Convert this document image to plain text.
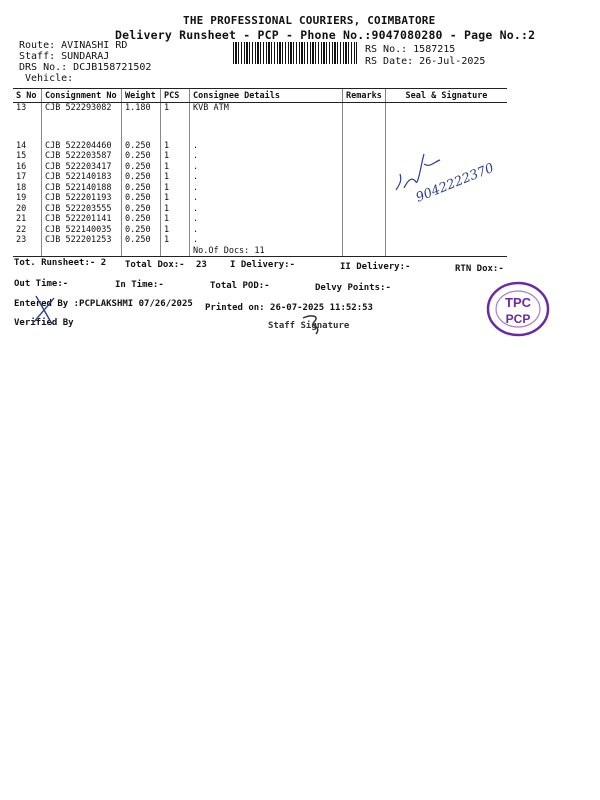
THE PROFESSIONAL COURIERS, COIMBATORE
Delivery Runsheet - PCP - Phone No.:9047080280 - Page No.:2
Route: AVINASHI RD
Staff: SUNDARAJ
DRS No.: DCJB158721502
Vehicle:
RS No.: 1587215
RS Date: 26-Jul-2025
S No	Consignment No	Weight	PCS	Consignee Details	Remarks	Seal & Signature
13	CJB 522293082	1.180	1	KVB ATM		

14	CJB 522204460	0.250	1	.		
15	CJB 522203587	0.250	1	.		
16	CJB 522203417	0.250	1	.		
17	CJB 522140183	0.250	1	.		
18	CJB 522140188	0.250	1	.		
19	CJB 522201193	0.250	1	.		
20	CJB 522203555	0.250	1	.		
21	CJB 522201141	0.250	1	.		
22	CJB 522140035	0.250	1	.		
23	CJB 522201253	0.250	1	.		
				No.Of Docs: 11		
Tot. Runsheet:- 2 Total Dox:- 23	I Delivery:-	II Delivery:-	RTN Dox:-
Out Time:-	In Time:-	Total POD:-	Delvy Points:-
Entered By :PCPLAKSHMI 07/26/2025 Printed on: 26-07-2025 11:52:53
Verified By	Staff Signature
9042222370
TPC
PCP
